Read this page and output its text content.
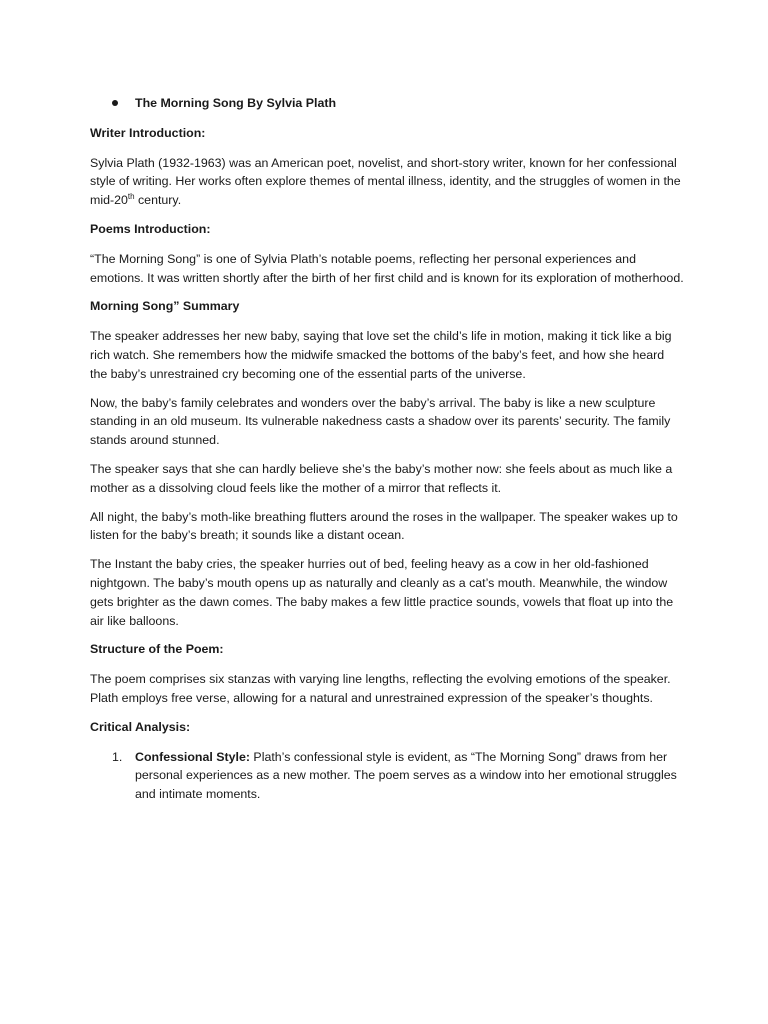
The Morning Song By Sylvia Plath
Writer Introduction:

Sylvia Plath (1932-1963) was an American poet, novelist, and short-story writer, known for her confessional style of writing. Her works often explore themes of mental illness, identity, and the struggles of women in the mid-20th century.

Poems Introduction:

“The Morning Song” is one of Sylvia Plath’s notable poems, reflecting her personal experiences and emotions. It was written shortly after the birth of her first child and is known for its exploration of motherhood.

Morning Song” Summary

The speaker addresses her new baby, saying that love set the child’s life in motion, making it tick like a big rich watch. She remembers how the midwife smacked the bottoms of the baby’s feet, and how she heard the baby’s unrestrained cry becoming one of the essential parts of the universe.

Now, the baby’s family celebrates and wonders over the baby’s arrival. The baby is like a new sculpture standing in an old museum. Its vulnerable nakedness casts a shadow over its parents’ security. The family stands around stunned.

The speaker says that she can hardly believe she’s the baby’s mother now: she feels about as much like a mother as a dissolving cloud feels like the mother of a mirror that reflects it.

All night, the baby’s moth-like breathing flutters around the roses in the wallpaper. The speaker wakes up to listen for the baby’s breath; it sounds like a distant ocean.

The Instant the baby cries, the speaker hurries out of bed, feeling heavy as a cow in her old-fashioned nightgown. The baby’s mouth opens up as naturally and cleanly as a cat’s mouth. Meanwhile, the window gets brighter as the dawn comes. The baby makes a few little practice sounds, vowels that float up into the air like balloons.

Structure of the Poem:

The poem comprises six stanzas with varying line lengths, reflecting the evolving emotions of the speaker. Plath employs free verse, allowing for a natural and unrestrained expression of the speaker’s thoughts.

Critical Analysis:
1.	Confessional Style: Plath’s confessional style is evident, as “The Morning Song” draws from her personal experiences as a new mother. The poem serves as a window into her emotional struggles and intimate moments.
